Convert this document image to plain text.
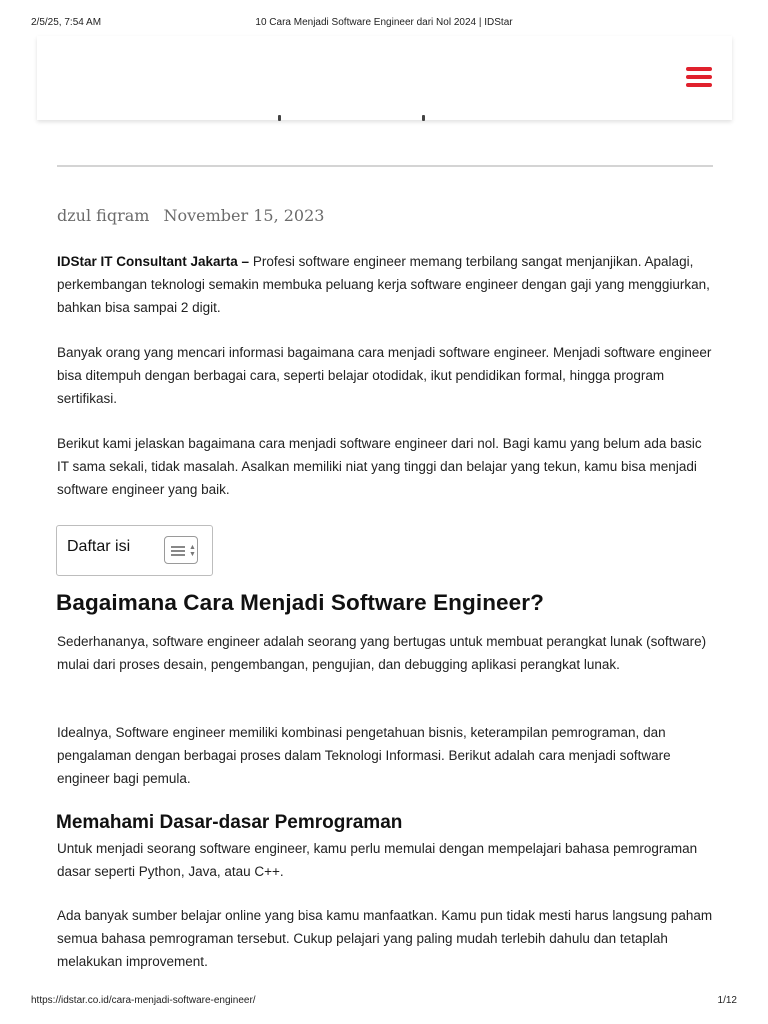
2/5/25, 7:54 AM	10 Cara Menjadi Software Engineer dari Nol 2024 | IDStar
dzul fiqram November 15, 2023

IDStar IT Consultant Jakarta – Profesi software engineer memang terbilang sangat menjanjikan. Apalagi, perkembangan teknologi semakin membuka peluang kerja software engineer dengan gaji yang menggiurkan, bahkan bisa sampai 2 digit.

Banyak orang yang mencari informasi bagaimana cara menjadi software engineer. Menjadi software engineer bisa ditempuh dengan berbagai cara, seperti belajar otodidak, ikut pendidikan formal, hingga program sertifikasi.

Berikut kami jelaskan bagaimana cara menjadi software engineer dari nol. Bagi kamu yang belum ada basic IT sama sekali, tidak masalah. Asalkan memiliki niat yang tinggi dan belajar yang tekun, kamu bisa menjadi software engineer yang baik.

Daftar isi	▲
▼
Bagaimana Cara Menjadi Software Engineer?

Sederhananya, software engineer adalah seorang yang bertugas untuk membuat perangkat lunak (software) mulai dari proses desain, pengembangan, pengujian, dan debugging aplikasi perangkat lunak.

Idealnya, Software engineer memiliki kombinasi pengetahuan bisnis, keterampilan pemrograman, dan pengalaman dengan berbagai proses dalam Teknologi Informasi. Berikut adalah cara menjadi software engineer bagi pemula.

Memahami Dasar-dasar Pemrograman

Untuk menjadi seorang software engineer, kamu perlu memulai dengan mempelajari bahasa pemrograman dasar seperti Python, Java, atau C++.

Ada banyak sumber belajar online yang bisa kamu manfaatkan. Kamu pun tidak mesti harus langsung paham semua bahasa pemrograman tersebut. Cukup pelajari yang paling mudah terlebih dahulu dan tetaplah melakukan improvement.

https://idstar.co.id/cara-menjadi-software-engineer/	1/12
